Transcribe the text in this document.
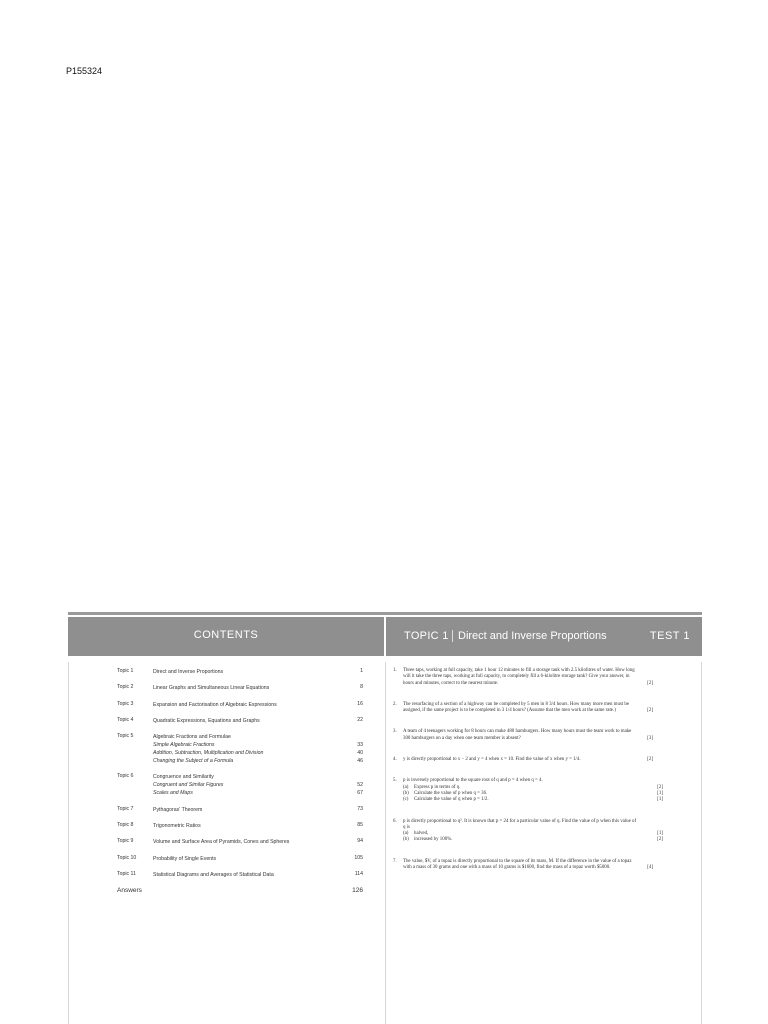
P155324
CONTENTS	TOPIC 1 Direct and Inverse Proportions	TEST 1
Topic 1	Direct and Inverse Proportions	1
Topic 2	Linear Graphs and Simultaneous Linear Equations	8
Topic 3	Expansion and Factorisation of Algebraic Expressions	16
Topic 4	Quadratic Expressions, Equations and Graphs	22
Topic 5	Algebraic Fractions and Formulae
Simple Algebraic Fractions	33
Addition, Subtraction, Multiplication and Division	40
Changing the Subject of a Formula	46
Topic 6	Congruence and Similarity
Congruent and Similar Figures	52
Scales and Maps	67
Topic 7	Pythagoras' Theorem	73
Topic 8	Trigonometric Ratios	85
Topic 9	Volume and Surface Area of Pyramids, Cones and Spheres	94
Topic 10	Probability of Single Events	105
Topic 11	Statistical Diagrams and Averages of Statistical Data	114
Answers	126
1. Three taps, working at full capacity, take 1 hour 12 minutes to fill a storage tank with 2.5 kilolitres of water. How long will it take the three taps, working at full capacity, to completely fill a 6-kilolitre storage tank? Give your answer, in hours and minutes, correct to the nearest minute.	[2]
2. The resurfacing of a section of a highway can be completed by 5 men in 8 3/4 hours. How many more men must be assigned, if the same project is to be completed in 3 1/4 hours? (Assume that the men work at the same rate.)	[2]
3. A team of 4 teenagers working for 8 hours can make 480 hamburgers. How many hours must the team work to make 300 hamburgers on a day when one team member is absent?	[3]
4. y is directly proportional to x − 2 and y = 4 when x = 10. Find the value of x when y = 1/4.	[2]
5. p is inversely proportional to the square root of q and p = 4 when q = 4.
(a) Express p in terms of q.	[2]
(b) Calculate the value of p when q = 36.	[1]
(c) Calculate the value of q when p = 1/2.	[1]
6. p is directly proportional to q². It is known that p = 24 for a particular value of q. Find the value of p when this value of q is
(a) halved,	[1]
(b) increased by 100%.	[2]
7. The value, $V, of a topaz is directly proportional to the square of its mass, M. If the difference in the value of a topaz with a mass of 30 grams and one with a mass of 10 grams is $1600, find the mass of a topaz worth $5000.	[4]
